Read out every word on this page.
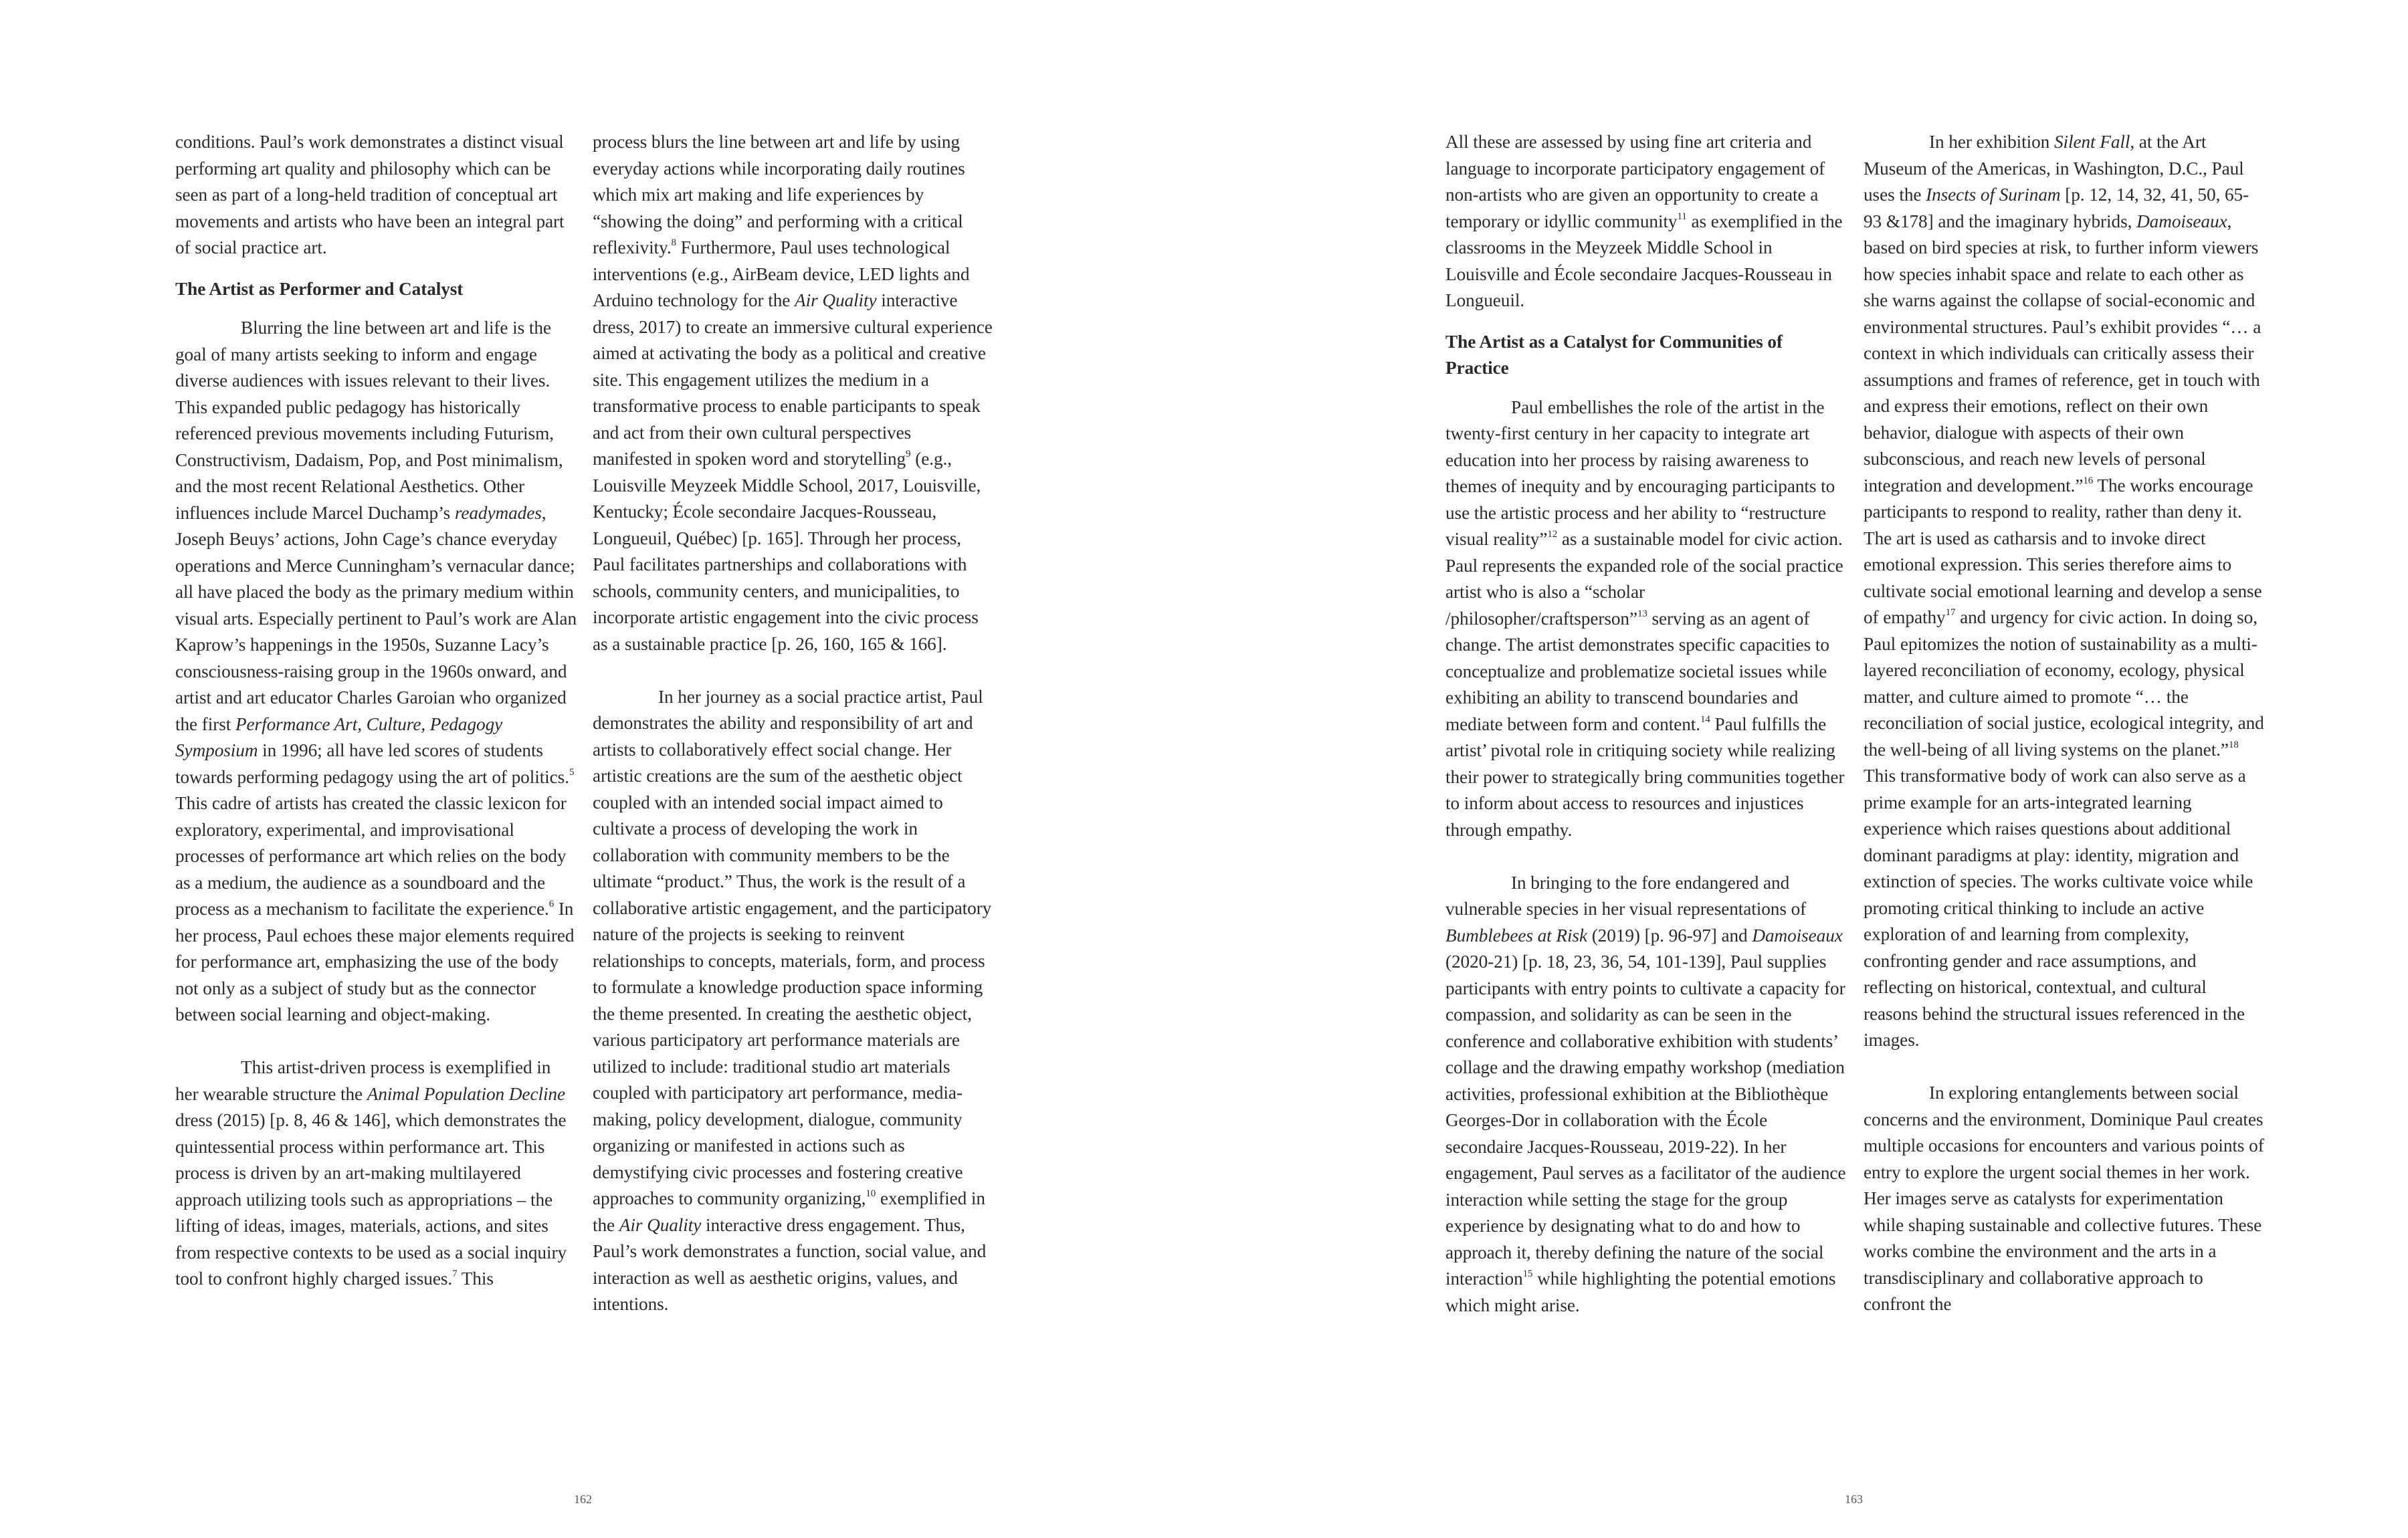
conditions. Paul’s work demonstrates a distinct visual performing art quality and philosophy which can be seen as part of a long-held tradition of conceptual art movements and artists who have been an integral part of social practice art.

The Artist as Performer and Catalyst

Blurring the line between art and life is the goal of many artists seeking to inform and engage diverse audiences with issues relevant to their lives. This expanded public pedagogy has historically referenced previous movements including Futurism, Constructivism, Dadaism, Pop, and Post minimalism, and the most recent Relational Aesthetics. Other influences include Marcel Duchamp’s readymades, Joseph Beuys’ actions, John Cage’s chance everyday operations and Merce Cunningham’s vernacular dance; all have placed the body as the primary medium within visual arts. Especially pertinent to Paul’s work are Alan Kaprow’s happenings in the 1950s, Suzanne Lacy’s consciousness-raising group in the 1960s onward, and artist and art educator Charles Garoian who organized the first Performance Art, Culture, Pedagogy Symposium in 1996; all have led scores of students towards performing pedagogy using the art of politics.$^5$ This cadre of artists has created the classic lexicon for exploratory, experimental, and improvisational processes of performance art which relies on the body as a medium, the audience as a soundboard and the process as a mechanism to facilitate the experience.$^6$ In her process, Paul echoes these major elements required for performance art, emphasizing the use of the body not only as a subject of study but as the connector between social learning and object-making.

This artist-driven process is exemplified in her wearable structure the Animal Population Decline dress (2015) [p. 8, 46 & 146], which demonstrates the quintessential process within performance art. This process is driven by an art-making multilayered approach utilizing tools such as appropriations – the lifting of ideas, images, materials, actions, and sites from respective contexts to be used as a social inquiry tool to confront highly charged issues.$^7$ This

process blurs the line between art and life by using everyday actions while incorporating daily routines which mix art making and life experiences by “showing the doing” and performing with a critical reflexivity.$^8$ Furthermore, Paul uses technological interventions (e.g., AirBeam device, LED lights and Arduino technology for the Air Quality interactive dress, 2017) to create an immersive cultural experience aimed at activating the body as a political and creative site. This engagement utilizes the medium in a transformative process to enable participants to speak and act from their own cultural perspectives manifested in spoken word and storytelling$^9$ (e.g., Louisville Meyzeek Middle School, 2017, Louisville, Kentucky; École secondaire Jacques-Rousseau, Longueuil, Québec) [p. 165]. Through her process, Paul facilitates partnerships and collaborations with schools, community centers, and municipalities, to incorporate artistic engagement into the civic process as a sustainable practice [p. 26, 160, 165 & 166].

In her journey as a social practice artist, Paul demonstrates the ability and responsibility of art and artists to collaboratively effect social change. Her artistic creations are the sum of the aesthetic object coupled with an intended social impact aimed to cultivate a process of developing the work in collaboration with community members to be the ultimate “product.” Thus, the work is the result of a collaborative artistic engagement, and the participatory nature of the projects is seeking to reinvent relationships to concepts, materials, form, and process to formulate a knowledge production space informing the theme presented. In creating the aesthetic object, various participatory art performance materials are utilized to include: traditional studio art materials coupled with participatory art performance, media-making, policy development, dialogue, community organizing or manifested in actions such as demystifying civic processes and fostering creative approaches to community organizing,$^{10}$ exemplified in the Air Quality interactive dress engagement. Thus, Paul’s work demonstrates a function, social value, and interaction as well as aesthetic origins, values, and intentions.

162

All these are assessed by using fine art criteria and language to incorporate participatory engagement of non-artists who are given an opportunity to create a temporary or idyllic community$^{11}$ as exemplified in the classrooms in the Meyzeek Middle School in Louisville and École secondaire Jacques-Rousseau in Longueuil.

The Artist as a Catalyst for Communities of Practice

Paul embellishes the role of the artist in the twenty-first century in her capacity to integrate art education into her process by raising awareness to themes of inequity and by encouraging participants to use the artistic process and her ability to “restructure visual reality”$^{12}$ as a sustainable model for civic action. Paul represents the expanded role of the social practice artist who is also a “scholar /philosopher/craftsperson”$^{13}$ serving as an agent of change. The artist demonstrates specific capacities to conceptualize and problematize societal issues while exhibiting an ability to transcend boundaries and mediate between form and content.$^{14}$ Paul fulfills the artist’ pivotal role in critiquing society while realizing their power to strategically bring communities together to inform about access to resources and injustices through empathy.

In bringing to the fore endangered and vulnerable species in her visual representations of Bumblebees at Risk (2019) [p. 96-97] and Damoiseaux (2020-21) [p. 18, 23, 36, 54, 101-139], Paul supplies participants with entry points to cultivate a capacity for compassion, and solidarity as can be seen in the conference and collaborative exhibition with students’ collage and the drawing empathy workshop (mediation activities, professional exhibition at the Bibliothèque Georges-Dor in collaboration with the École secondaire Jacques-Rousseau, 2019-22). In her engagement, Paul serves as a facilitator of the audience interaction while setting the stage for the group experience by designating what to do and how to approach it, thereby defining the nature of the social interaction$^{15}$ while highlighting the potential emotions which might arise.

In her exhibition Silent Fall, at the Art Museum of the Americas, in Washington, D.C., Paul uses the Insects of Surinam [p. 12, 14, 32, 41, 50, 65-93 &178] and the imaginary hybrids, Damoiseaux, based on bird species at risk, to further inform viewers how species inhabit space and relate to each other as she warns against the collapse of social-economic and environmental structures. Paul’s exhibit provides “… a context in which individuals can critically assess their assumptions and frames of reference, get in touch with and express their emotions, reflect on their own behavior, dialogue with aspects of their own subconscious, and reach new levels of personal integration and development.”$^{16}$ The works encourage participants to respond to reality, rather than deny it. The art is used as catharsis and to invoke direct emotional expression. This series therefore aims to cultivate social emotional learning and develop a sense of empathy$^{17}$ and urgency for civic action. In doing so, Paul epitomizes the notion of sustainability as a multi-layered reconciliation of economy, ecology, physical matter, and culture aimed to promote “… the reconciliation of social justice, ecological integrity, and the well-being of all living systems on the planet.”$^{18}$ This transformative body of work can also serve as a prime example for an arts-integrated learning experience which raises questions about additional dominant paradigms at play: identity, migration and extinction of species. The works cultivate voice while promoting critical thinking to include an active exploration of and learning from complexity, confronting gender and race assumptions, and reflecting on historical, contextual, and cultural reasons behind the structural issues referenced in the images.

In exploring entanglements between social concerns and the environment, Dominique Paul creates multiple occasions for encounters and various points of entry to explore the urgent social themes in her work. Her images serve as catalysts for experimentation while shaping sustainable and collective futures. These works combine the environment and the arts in a transdisciplinary and collaborative approach to confront the

163
